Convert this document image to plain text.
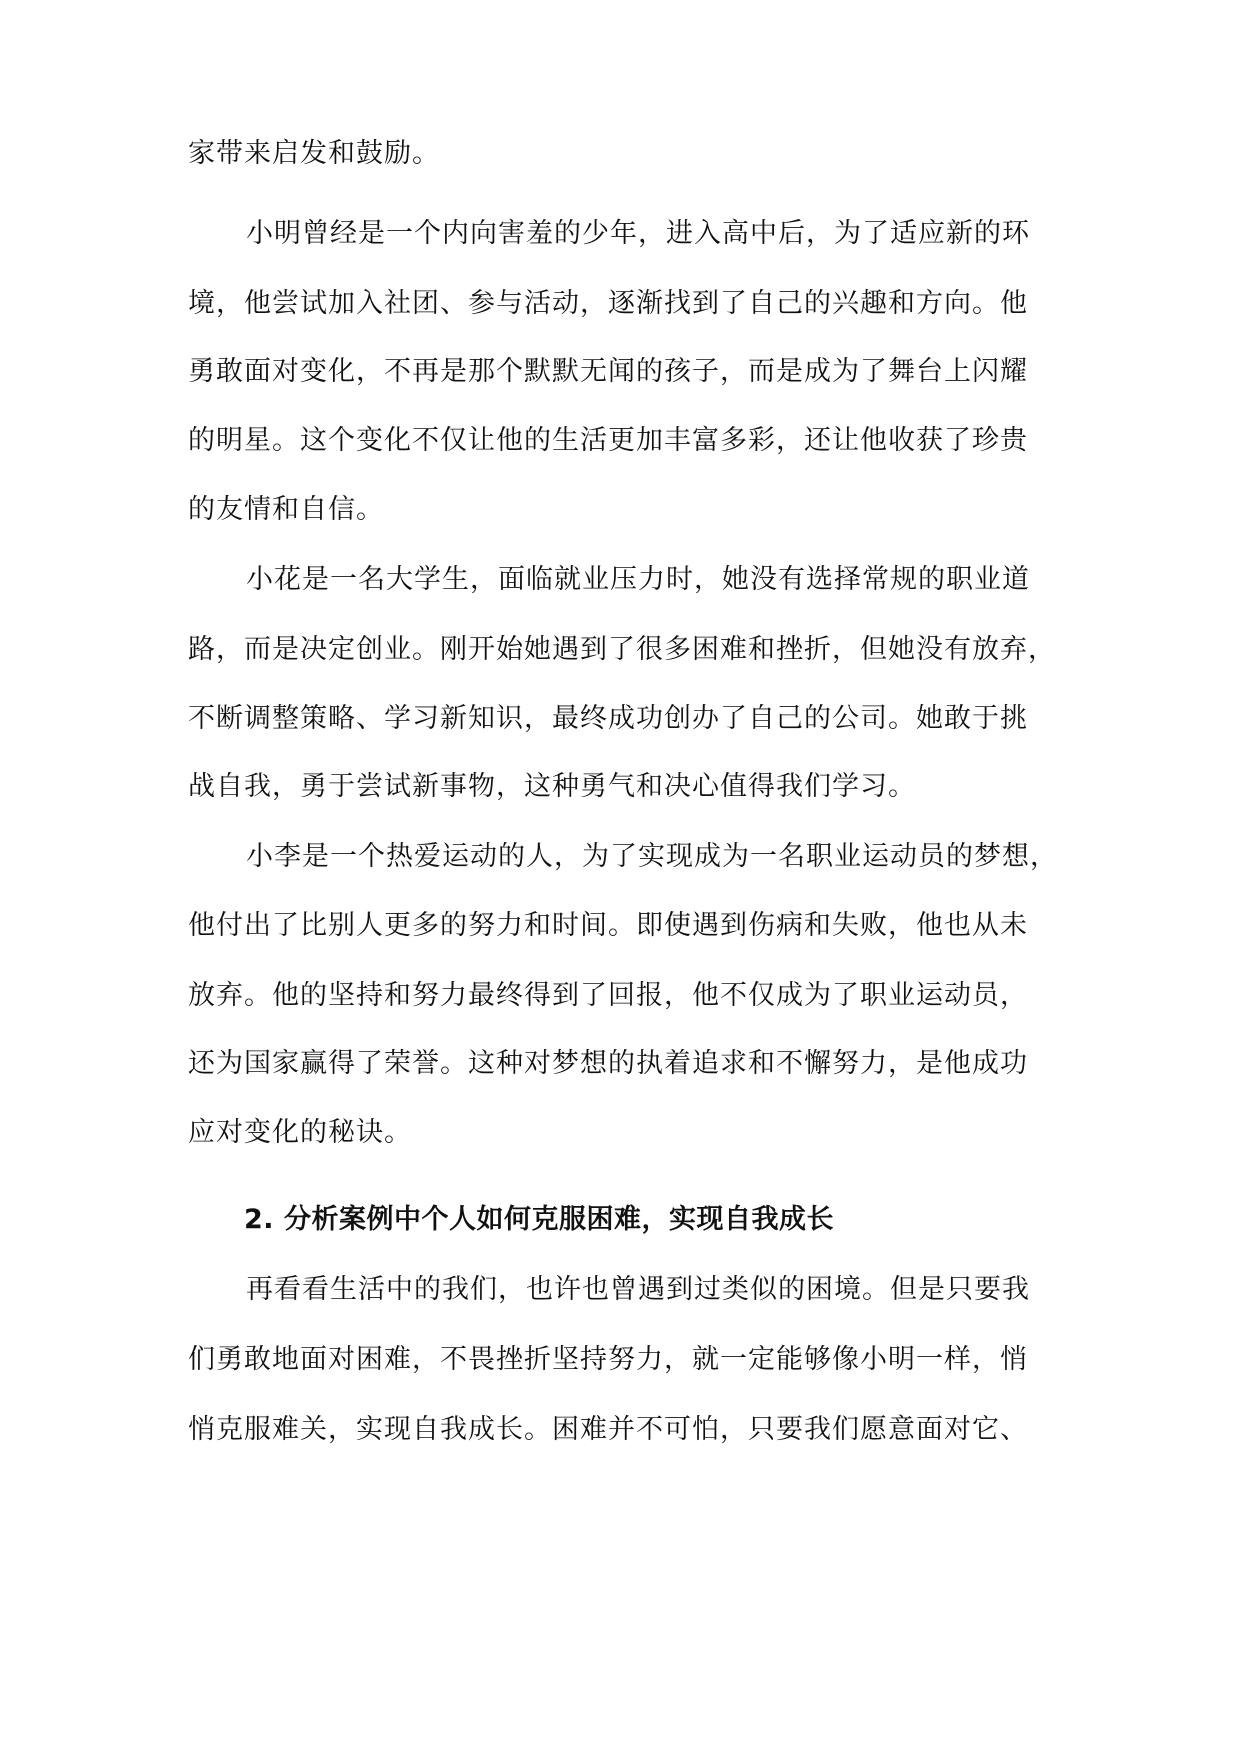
家带来启发和鼓励。

小明曾经是一个内向害羞的少年，进入高中后，为了适应新的环

境，他尝试加入社团、参与活动，逐渐找到了自己的兴趣和方向。他

勇敢面对变化，不再是那个默默无闻的孩子，而是成为了舞台上闪耀

的明星。这个变化不仅让他的生活更加丰富多彩，还让他收获了珍贵

的友情和自信。

小花是一名大学生，面临就业压力时，她没有选择常规的职业道

路，而是决定创业。刚开始她遇到了很多困难和挫折，但她没有放弃，

不断调整策略、学习新知识，最终成功创办了自己的公司。她敢于挑

战自我，勇于尝试新事物，这种勇气和决心值得我们学习。

小李是一个热爱运动的人，为了实现成为一名职业运动员的梦想，

他付出了比别人更多的努力和时间。即使遇到伤病和失败，他也从未

放弃。他的坚持和努力最终得到了回报，他不仅成为了职业运动员，

还为国家赢得了荣誉。这种对梦想的执着追求和不懈努力，是他成功

应对变化的秘诀。

2. 分析案例中个人如何克服困难，实现自我成长

再看看生活中的我们，也许也曾遇到过类似的困境。但是只要我

们勇敢地面对困难，不畏挫折坚持努力，就一定能够像小明一样，悄

悄克服难关，实现自我成长。困难并不可怕，只要我们愿意面对它、
